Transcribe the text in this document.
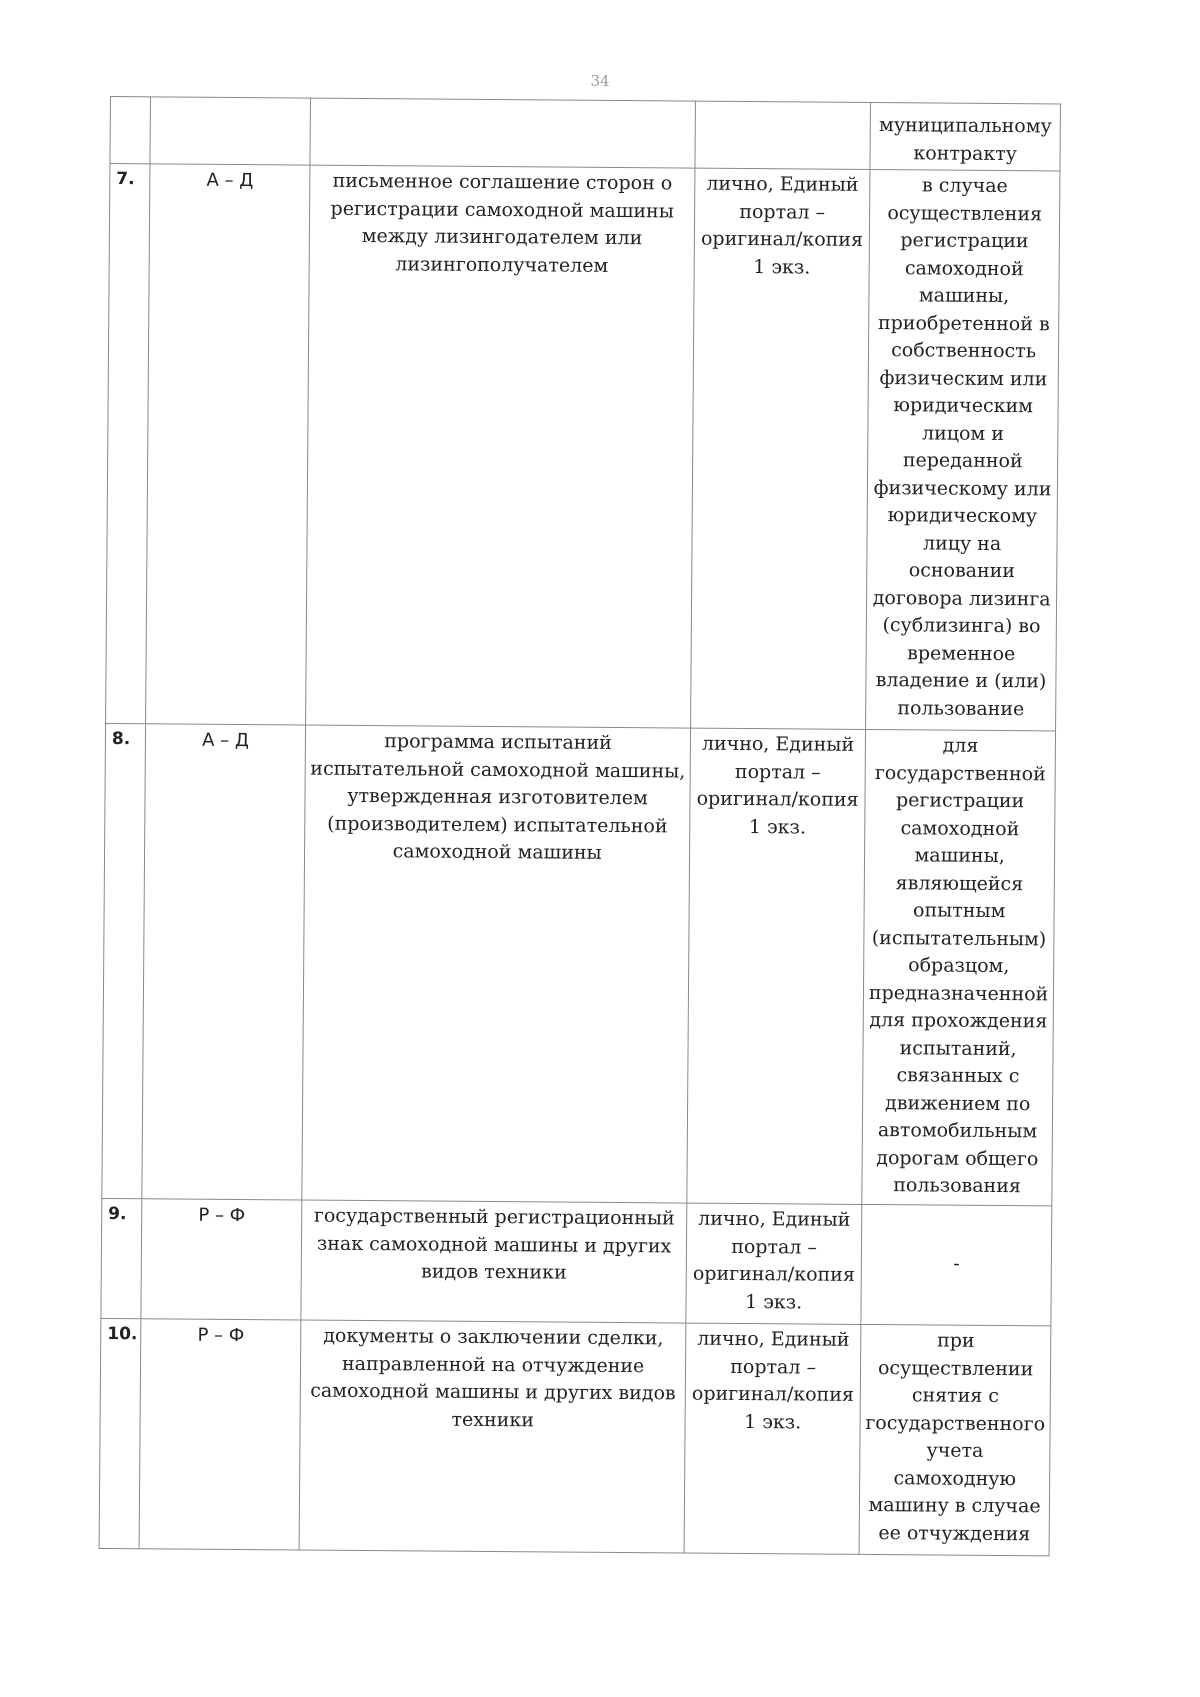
34
				муниципальному контракту
7.	А – Д	письменное соглашение сторон о регистрации самоходной машины между лизингодателем или лизингополучателем	лично, Единый портал – оригинал/копия 1 экз.	в случае осуществления регистрации самоходной машины, приобретенной в собственность физическим или юридическим лицом и переданной физическому или юридическому лицу на основании договора лизинга (сублизинга) во временное владение и (или) пользование
8.	А – Д	программа испытаний испытательной самоходной машины, утвержденная изготовителем (производителем) испытательной самоходной машины	лично, Единый портал – оригинал/копия 1 экз.	для государственной регистрации самоходной машины, являющейся опытным (испытательным) образцом, предназначенной для прохождения испытаний, связанных с движением по автомобильным дорогам общего пользования
9.	Р – Ф	государственный регистрационный знак самоходной машины и других видов техники	лично, Единый портал – оригинал/копия 1 экз.	-
10.	Р – Ф	документы о заключении сделки, направленной на отчуждение самоходной машины и других видов техники	лично, Единый портал – оригинал/копия 1 экз.	при осуществлении снятия с государственного учета самоходную машину в случае ее отчуждения
